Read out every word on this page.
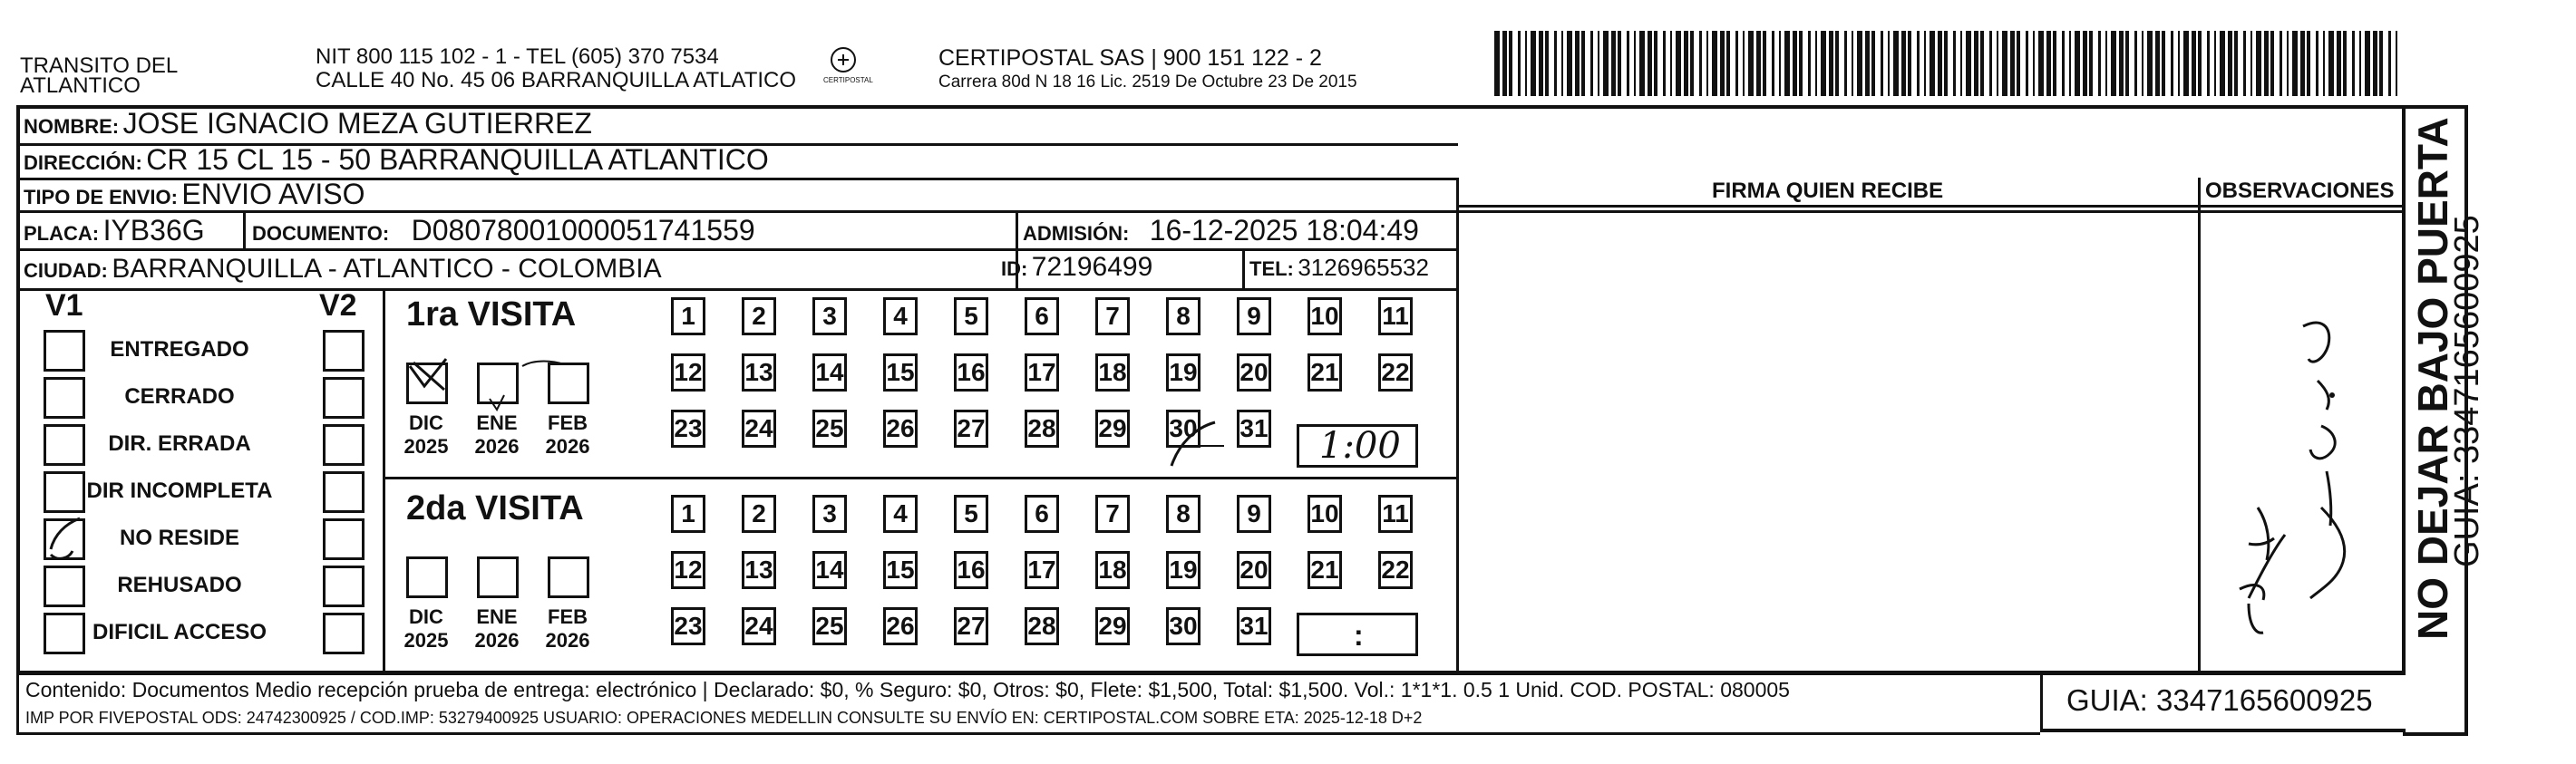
TRANSITO DEL
ATLANTICO
NIT 800 115 102 - 1 - TEL (605) 370 7534
CALLE 40 No. 45 06 BARRANQUILLA ATLATICO	CERTIPOSTAL
CERTIPOSTAL SAS | 900 151 122 - 2
Carrera 80d N 18 16 Lic. 2519 De Octubre 23 De 2015
NOMBRE: JOSE IGNACIO MEZA GUTIERREZ
DIRECCIÓN: CR 15 CL 15 - 50 BARRANQUILLA ATLANTICO
TIPO DE ENVIO: ENVIO AVISO
PLACA: IYB36G DOCUMENTO: D08078001000051741559	ADMISIÓN: 16-12-2025 18:04:49
CIUDAD: BARRANQUILLA - ATLANTICO - COLOMBIA	ID: 72196499	TEL: 3126965532
FIRMA QUIEN RECIBE	OBSERVACIONES
V1	V2
ENTREGADO
CERRADO
DIR. ERRADA
DIR INCOMPLETA
NO RESIDE
REHUSADO
DIFICIL ACCESO
1ra VISITA
DIC
2025
ENE
2026
FEB
2026
1	2	3	4	5	6	7	8	9	10 11
12 13 14 15 16 17 18 19 20 21 22
23 24 25 26 27 28 29 30 31 1:00
2da VISITA
DIC
2025
ENE
2026
FEB
2026
1	2	3	4	5	6	7	8	9	10 11
12 13 14 15 16 17 18 19 20 21 22
23 24 25 26 27 28 29 30 31	:
Contenido: Documentos Medio recepción prueba de entrega: electrónico | Declarado: $0, % Seguro: $0, Otros: $0, Flete: $1,500, Total: $1,500. Vol.: 1*1*1. 0.5 1 Unid. COD. POSTAL: 080005
IMP POR FIVEPOSTAL ODS: 24742300925 / COD.IMP: 53279400925 USUARIO: OPERACIONES MEDELLIN CONSULTE SU ENVÍO EN: CERTIPOSTAL.COM SOBRE ETA: 2025-12-18 D+2
GUIA: 3347165600925
NO DEJAR BAJO PUERTA
GUIA: 3347165600925
